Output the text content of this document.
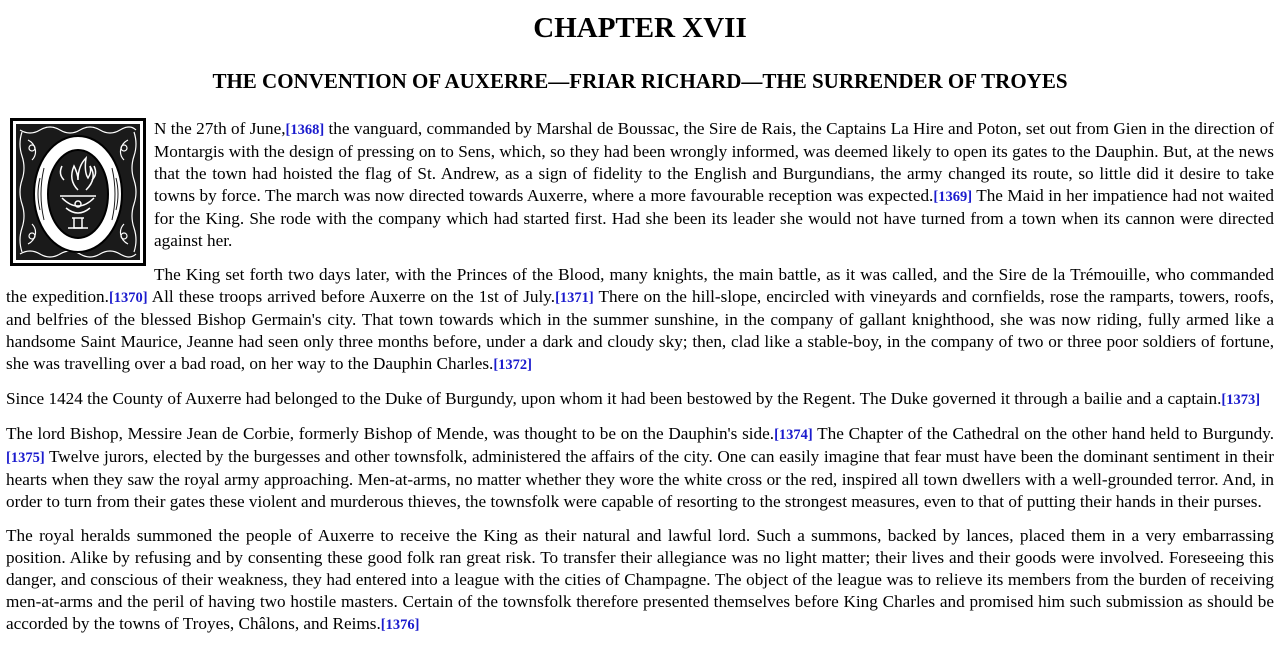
CHAPTER XVII
THE CONVENTION OF AUXERRE—FRIAR RICHARD—THE SURRENDER OF TROYES

N the 27th of June,[1368] the vanguard, commanded by Marshal de Boussac, the Sire de Rais, the Captains La Hire and Poton, set out from Gien in the direction of Montargis with the design of pressing on to Sens, which, so they had been wrongly informed, was deemed likely to open its gates to the Dauphin. But, at the news that the town had hoisted the flag of St. Andrew, as a sign of fidelity to the English and Burgundians, the army changed its route, so little did it desire to take towns by force. The march was now directed towards Auxerre, where a more favourable reception was expected.[1369] The Maid in her impatience had not waited for the King. She rode with the company which had started first. Had she been its leader she would not have turned from a town when its cannon were directed against her.

The King set forth two days later, with the Princes of the Blood, many knights, the main battle, as it was called, and the Sire de la Trémouille, who commanded the expedition.[1370] All these troops arrived before Auxerre on the 1st of July.[1371] There on the hill-slope, encircled with vineyards and cornfields, rose the ramparts, towers, roofs, and belfries of the blessed Bishop Germain's city. That town towards which in the summer sunshine, in the company of gallant knighthood, she was now riding, fully armed like a handsome Saint Maurice, Jeanne had seen only three months before, under a dark and cloudy sky; then, clad like a stable-boy, in the company of two or three poor soldiers of fortune, she was travelling over a bad road, on her way to the Dauphin Charles.[1372]

Since 1424 the County of Auxerre had belonged to the Duke of Burgundy, upon whom it had been bestowed by the Regent. The Duke governed it through a bailie and a captain.[1373]

The lord Bishop, Messire Jean de Corbie, formerly Bishop of Mende, was thought to be on the Dauphin's side.[1374] The Chapter of the Cathedral on the other hand held to Burgundy.[1375] Twelve jurors, elected by the burgesses and other townsfolk, administered the affairs of the city. One can easily imagine that fear must have been the dominant sentiment in their hearts when they saw the royal army approaching. Men-at-arms, no matter whether they wore the white cross or the red, inspired all town dwellers with a well-grounded terror. And, in order to turn from their gates these violent and murderous thieves, the townsfolk were capable of resorting to the strongest measures, even to that of putting their hands in their purses.

The royal heralds summoned the people of Auxerre to receive the King as their natural and lawful lord. Such a summons, backed by lances, placed them in a very embarrassing position. Alike by refusing and by consenting these good folk ran great risk. To transfer their allegiance was no light matter; their lives and their goods were involved. Foreseeing this danger, and conscious of their weakness, they had entered into a league with the cities of Champagne. The object of the league was to relieve its members from the burden of receiving men-at-arms and the peril of having two hostile masters. Certain of the townsfolk therefore presented themselves before King Charles and promised him such submission as should be accorded by the towns of Troyes, Châlons, and Reims.[1376]
